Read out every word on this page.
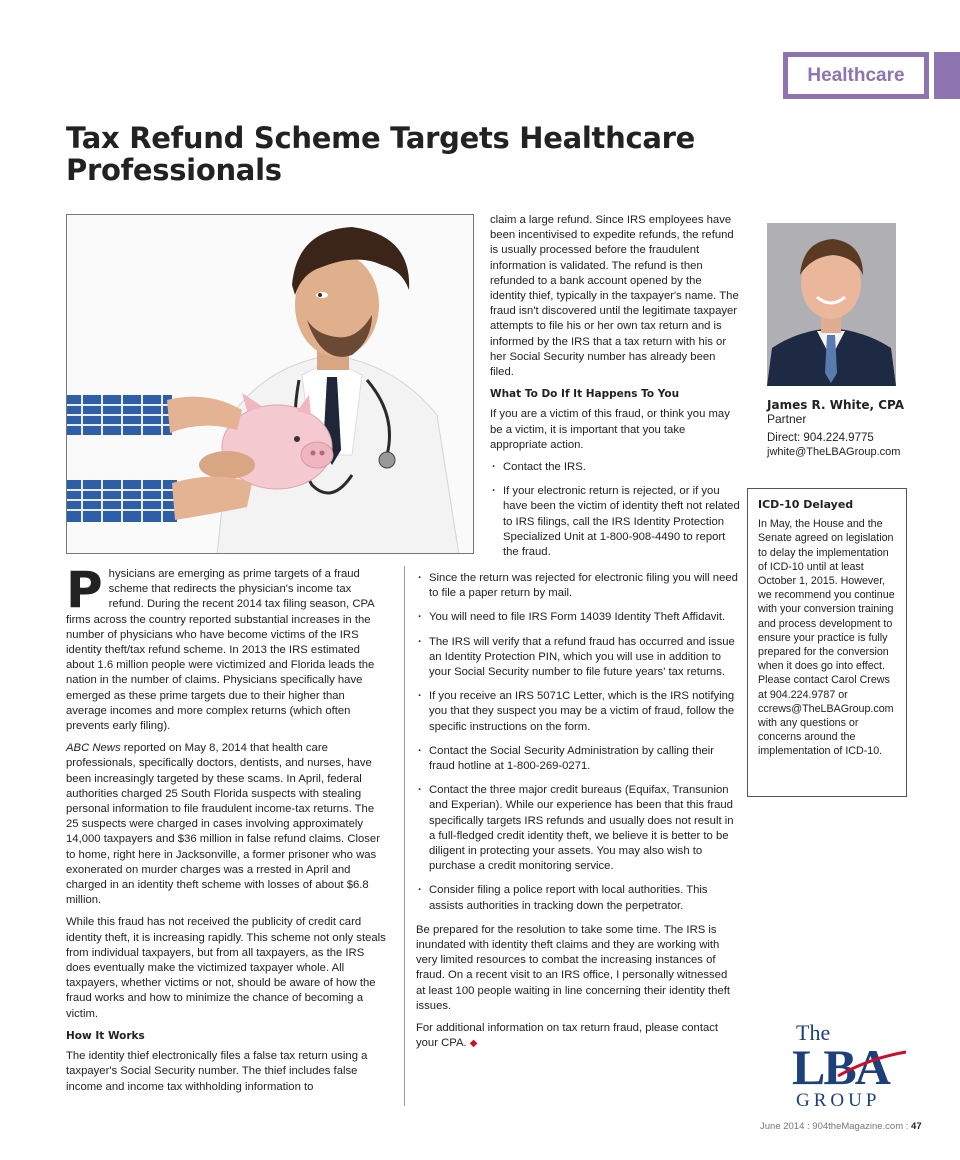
Healthcare
Tax Refund Scheme Targets Healthcare Professionals

Physicians are emerging as prime targets of a fraud scheme that redirects the physician's income tax refund. During the recent 2014 tax filing season, CPA firms across the country reported substantial increases in the number of physicians who have become victims of the IRS identity theft/tax refund scheme. In 2013 the IRS estimated about 1.6 million people were victimized and Florida leads the nation in the number of claims. Physicians specifically have emerged as these prime targets due to their higher than average incomes and more complex returns (which often prevents early filing).

ABC News reported on May 8, 2014 that health care professionals, specifically doctors, dentists, and nurses, have been increasingly targeted by these scams. In April, federal authorities charged 25 South Florida suspects with stealing personal information to file fraudulent income-tax returns. The 25 suspects were charged in cases involving approximately 14,000 taxpayers and $36 million in false refund claims. Closer to home, right here in Jacksonville, a former prisoner who was exonerated on murder charges was a rrested in April and charged in an identity theft scheme with losses of about $6.8 million.

While this fraud has not received the publicity of credit card identity theft, it is increasing rapidly. This scheme not only steals from individual taxpayers, but from all taxpayers, as the IRS does eventually make the victimized taxpayer whole. All taxpayers, whether victims or not, should be aware of how the fraud works and how to minimize the chance of becoming a victim.

How It Works

The identity thief electronically files a false tax return using a taxpayer's Social Security number. The thief includes false income and income tax withholding information to

claim a large refund. Since IRS employees have been incentivised to expedite refunds, the refund is usually processed before the fraudulent information is validated. The refund is then refunded to a bank account opened by the identity thief, typically in the taxpayer's name. The fraud isn't discovered until the legitimate taxpayer attempts to file his or her own tax return and is informed by the IRS that a tax return with his or her Social Security number has already been filed.

What To Do If It Happens To You

If you are a victim of this fraud, or think you may be a victim, it is important that you take appropriate action.

· Contact the IRS.
· If your electronic return is rejected, or if you have been the victim of identity theft not related to IRS filings, call the IRS Identity Protection Specialized Unit at 1-800-908-4490 to report the fraud.
· Since the return was rejected for electronic filing you will need to file a paper return by mail.
· You will need to file IRS Form 14039 Identity Theft Affidavit.
· The IRS will verify that a refund fraud has occurred and issue an Identity Protection PIN, which you will use in addition to your Social Security number to file future years' tax returns.
· If you receive an IRS 5071C Letter, which is the IRS notifying you that they suspect you may be a victim of fraud, follow the specific instructions on the form.
· Contact the Social Security Administration by calling their fraud hotline at 1-800-269-0271.
· Contact the three major credit bureaus (Equifax, Transunion and Experian). While our experience has been that this fraud specifically targets IRS refunds and usually does not result in a full-fledged credit identity theft, we believe it is better to be diligent in protecting your assets. You may also wish to purchase a credit monitoring service.
· Consider filing a police report with local authorities. This assists authorities in tracking down the perpetrator.

Be prepared for the resolution to take some time. The IRS is inundated with identity theft claims and they are working with very limited resources to combat the increasing instances of fraud. On a recent visit to an IRS office, I personally witnessed at least 100 people waiting in line concerning their identity theft issues.

For additional information on tax return fraud, please contact your CPA. ◆

James R. White, CPA
Partner
Direct: 904.224.9775
jwhite@TheLBAGroup.com
ICD-10 Delayed
In May, the House and the Senate agreed on legislation to delay the implementation of ICD-10 until at least October 1, 2015. However, we recommend you continue with your conversion training and process development to ensure your practice is fully prepared for the conversion when it does go into effect. Please contact Carol Crews at 904.224.9787 or ccrews@TheLBAGroup.com with any questions or concerns around the implementation of ICD-10.
The
LBA
GROUP
June 2014 : 904theMagazine.com : 47
